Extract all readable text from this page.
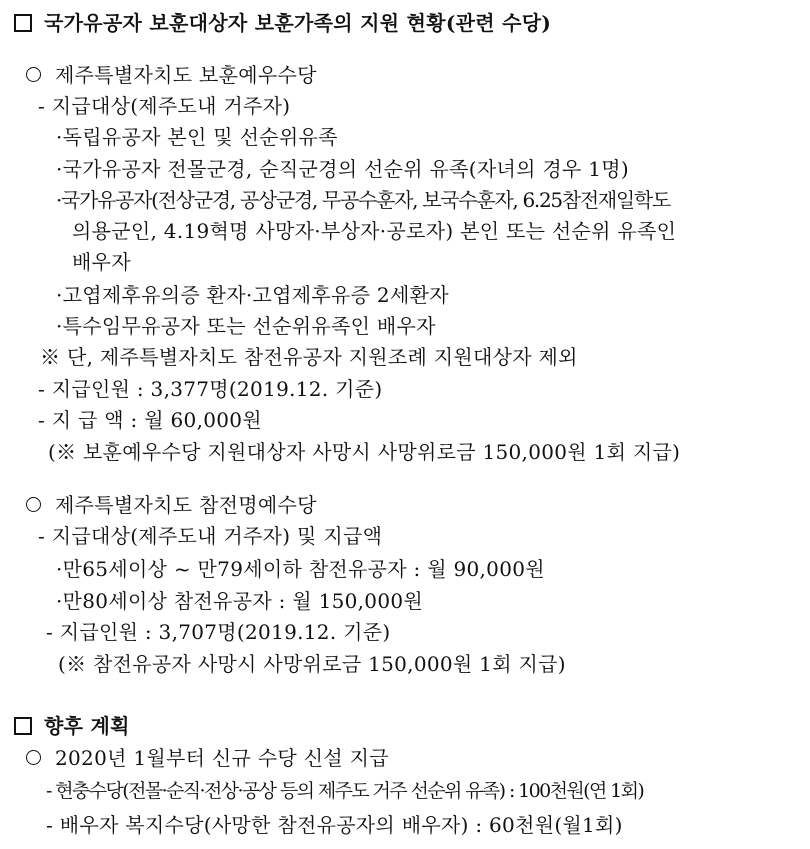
국가유공자 보훈대상자 보훈가족의 지원 현황(관련 수당)
제주특별자치도 보훈예우수당
- 지급대상(제주도내 거주자)
·독립유공자 본인 및 선순위유족
·국가유공자 전몰군경, 순직군경의 선순위 유족(자녀의 경우 1명)
·국가유공자(전상군경, 공상군경, 무공수훈자, 보국수훈자, 6.25참전재일학도
의용군인, 4.19혁명 사망자·부상자·공로자) 본인 또는 선순위 유족인
배우자
·고엽제후유의증 환자·고엽제후유증 2세환자
·특수임무유공자 또는 선순위유족인 배우자
※ 단, 제주특별자치도 참전유공자 지원조례 지원대상자 제외
- 지급인원 : 3,377명(2019.12. 기준)
- 지 급 액 : 월 60,000원
(※ 보훈예우수당 지원대상자 사망시 사망위로금 150,000원 1회 지급)
제주특별자치도 참전명예수당
- 지급대상(제주도내 거주자) 및 지급액
·만65세이상 ~ 만79세이하 참전유공자 : 월 90,000원
·만80세이상 참전유공자 : 월 150,000원
- 지급인원 : 3,707명(2019.12. 기준)
(※ 참전유공자 사망시 사망위로금 150,000원 1회 지급)
향후 계획
2020년 1월부터 신규 수당 신설 지급
- 현충수당(전몰·순직·전상·공상 등의 제주도 거주 선순위 유족) : 100천원(연 1회)
- 배우자 복지수당(사망한 참전유공자의 배우자) : 60천원(월1회)
